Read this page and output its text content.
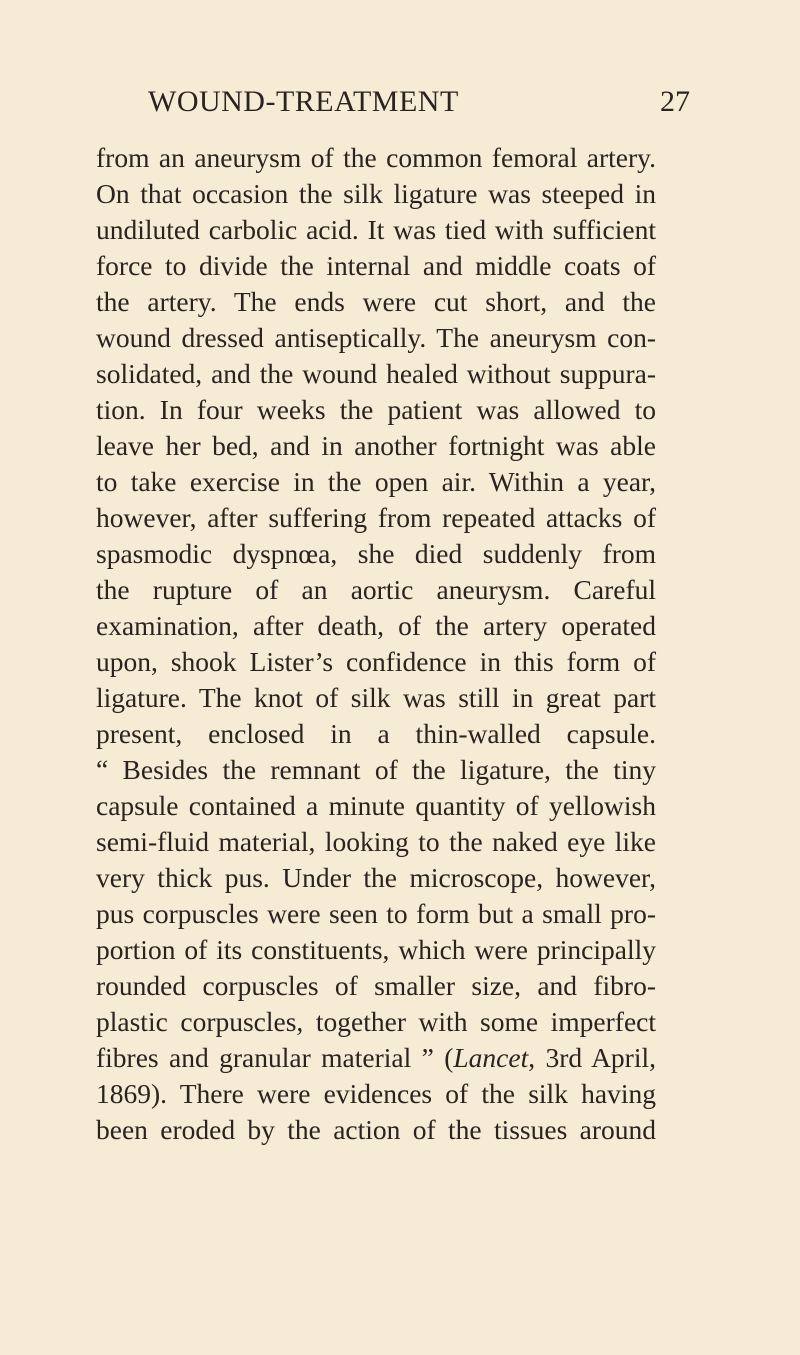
WOUND-TREATMENT	27
from an aneurysm of the common femoral artery.
On that occasion the silk ligature was steeped in
undiluted carbolic acid. It was tied with sufficient
force to divide the internal and middle coats of
the artery. The ends were cut short, and the
wound dressed antiseptically. The aneurysm con-
solidated, and the wound healed without suppura-
tion. In four weeks the patient was allowed to
leave her bed, and in another fortnight was able
to take exercise in the open air. Within a year,
however, after suffering from repeated attacks of
spasmodic dyspnœa, she died suddenly from
the rupture of an aortic aneurysm. Careful
examination, after death, of the artery operated
upon, shook Lister’s confidence in this form of
ligature. The knot of silk was still in great part
present, enclosed in a thin-walled capsule.
“ Besides the remnant of the ligature, the tiny
capsule contained a minute quantity of yellowish
semi-fluid material, looking to the naked eye like
very thick pus. Under the microscope, however,
pus corpuscles were seen to form but a small pro-
portion of its constituents, which were principally
rounded corpuscles of smaller size, and fibro-
plastic corpuscles, together with some imperfect
fibres and granular material ” (Lancet, 3rd April,
1869). There were evidences of the silk having
been eroded by the action of the tissues around
